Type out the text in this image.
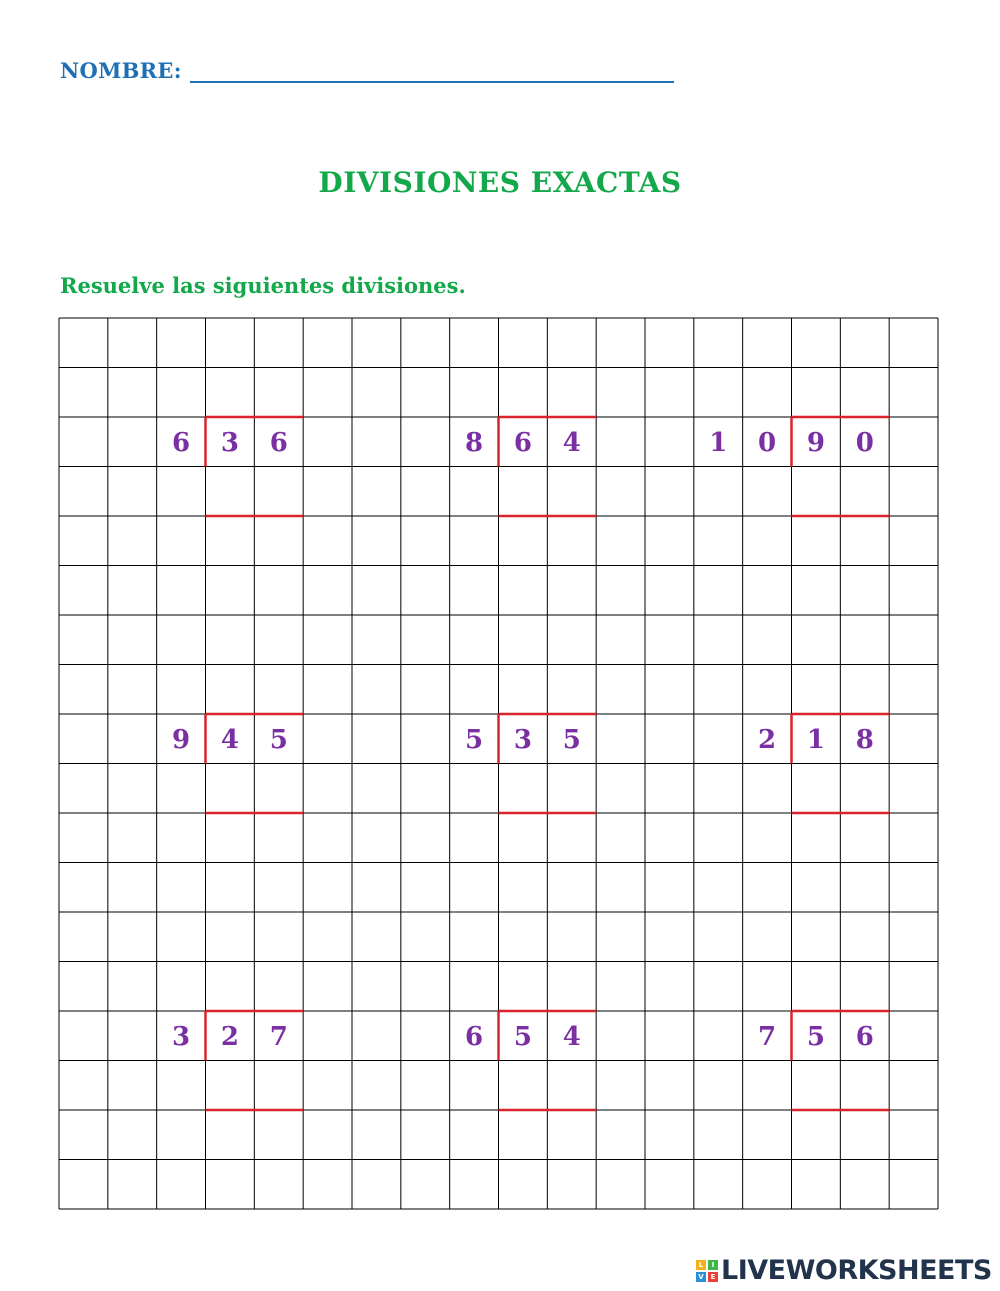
NOMBRE:
DIVISIONES EXACTAS
Resuelve las siguientes divisiones.
6 3 6	8 6 4	1 0 9 0
9 4 5	5 3 5	2 1 8
3 2 7	6 5 4	7 5 6
L	I
V E LIVEWORKSHEETS
